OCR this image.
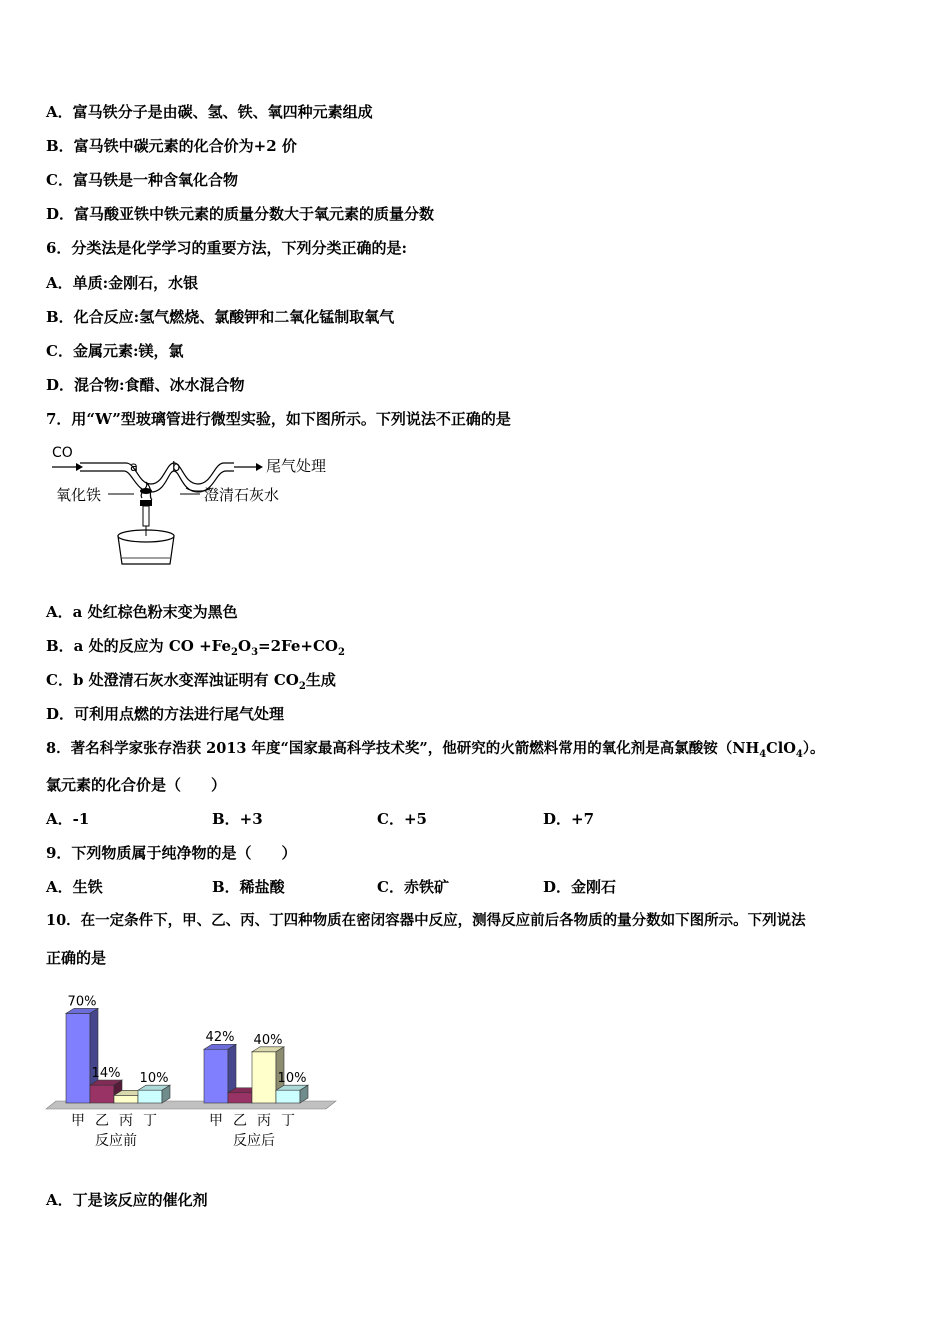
A．富马铁分子是由碳、氢、铁、氧四种元素组成
B．富马铁中碳元素的化合价为+2 价
C．富马铁是一种含氧化合物
D．富马酸亚铁中铁元素的质量分数大于氧元素的质量分数
6．分类法是化学学习的重要方法，下列分类正确的是:
A．单质:金刚石，水银
B．化合反应:氢气燃烧、氯酸钾和二氧化锰制取氧气
C．金属元素:镁，氯
D．混合物:食醋、冰水混合物
7．用“W”型玻璃管进行微型实验，如下图所示。下列说法不正确的是
CO
a	b	尾气处理
氧化铁	澄清石灰水
A．a 处红棕色粉末变为黑色
B．a 处的反应为 CO $+Fe_2O_3=2Fe+CO_2$
C．b 处澄清石灰水变浑浊证明有 $CO_2$生成
D．可利用点燃的方法进行尾气处理
8．著名科学家张存浩获 2013 年度“国家最高科学技术奖”，他研究的火箭燃料常用的氧化剂是高氯酸铵$(NH_4ClO_4)$。
氯元素的化合价是（　　）
A．-1	B．+3	C．+5	D．+7
9．下列物质属于纯净物的是（　　）
A．生铁	B．稀盐酸	C．赤铁矿	D．金刚石
10．在一定条件下，甲、乙、丙、丁四种物质在密闭容器中反应，测得反应前后各物质的量分数如下图所示。下列说法
正确的是
70%
14% 10%
甲 乙 丙 丁
反应前
42% 40%
10%
甲 乙 丙 丁
反应后
A．丁是该反应的催化剂
